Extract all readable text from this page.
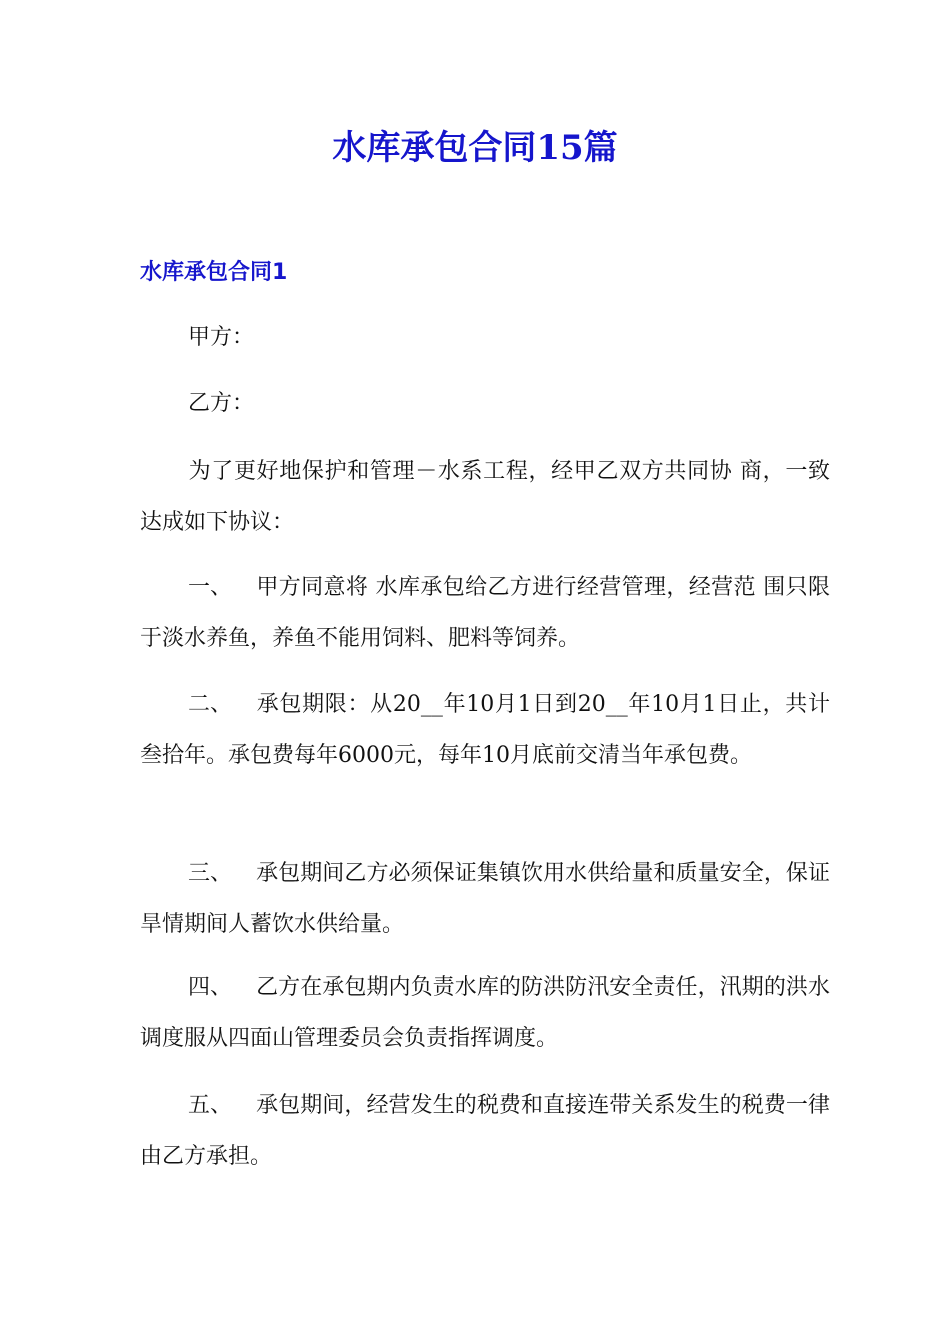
水库承包合同15篇
水库承包合同1

甲方：

乙方：

为了更好地保护和管理－水系工程，经甲乙双方共同协 商，一致达成如下协议：

一、 甲方同意将 水库承包给乙方进行经营管理，经营范 围只限于淡水养鱼，养鱼不能用饲料、肥料等饲养。

二、 承包期限：从20__年10月1日到20__年10月1日止，共计叁拾年。承包费每年6000元，每年10月底前交清当年承包费。

三、 承包期间乙方必须保证集镇饮用水供给量和质量安全，保证旱情期间人蓄饮水供给量。

四、 乙方在承包期内负责水库的防洪防汛安全责任，汛期的洪水调度服从四面山管理委员会负责指挥调度。

五、 承包期间，经营发生的税费和直接连带关系发生的税费一律由乙方承担。
